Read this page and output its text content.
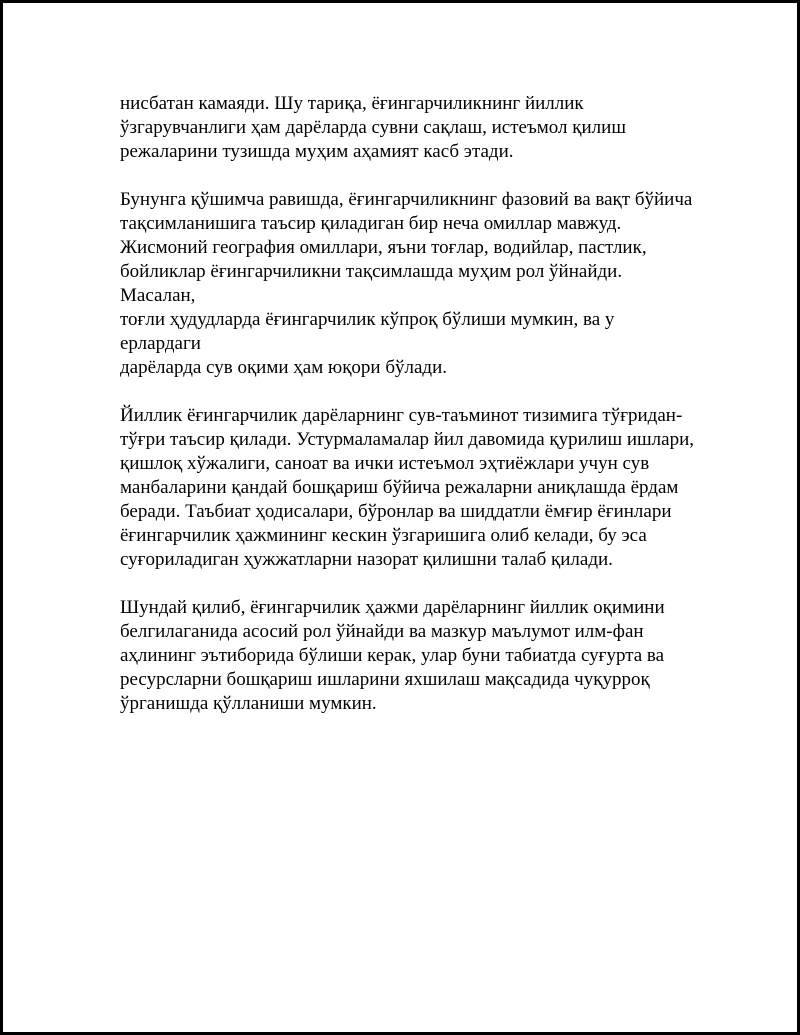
нисбатан камаяди. Шу тариқа, ёғингарчиликнинг йиллик
ўзгарувчанлиги ҳам дарёларда сувни сақлаш, истеъмол қилиш
режаларини тузишда муҳим аҳамият касб этади.

Бунунга қўшимча равишда, ёғингарчиликнинг фазовий ва вақт бўйича
тақсимланишига таъсир қиладиган бир неча омиллар мавжуд.
Жисмоний география омиллари, яъни тоғлар, водийлар, пастлик,
бойликлар ёғингарчиликни тақсимлашда муҳим рол ўйнайди. Масалан,
тоғли ҳудудларда ёғингарчилик кўпроқ бўлиши мумкин, ва у ерлардаги
дарёларда сув оқими ҳам юқори бўлади.

Йиллик ёғингарчилик дарёларнинг сув-таъминот тизимига тўғридан-
тўғри таъсир қилади. Устурмаламалар йил давомида қурилиш ишлари,
қишлоқ хўжалиги, саноат ва ички истеъмол эҳтиёжлари учун сув
манбаларини қандай бошқариш бўйича режаларни аниқлашда ёрдам
беради. Таъбиат ҳодисалари, бўронлар ва шиддатли ёмғир ёғинлари
ёғингарчилик ҳажмининг кескин ўзгаришига олиб келади, бу эса
суғориладиган ҳужжатларни назорат қилишни талаб қилади.

Шундай қилиб, ёғингарчилик ҳажми дарёларнинг йиллик оқимини
белгилаганида асосий рол ўйнайди ва мазкур маълумот илм-фан
аҳлининг эътиборида бўлиши керак, улар буни табиатда суғурта ва
ресурсларни бошқариш ишларини яхшилаш мақсадида чуқурроқ
ўрганишда қўлланиши мумкин.
